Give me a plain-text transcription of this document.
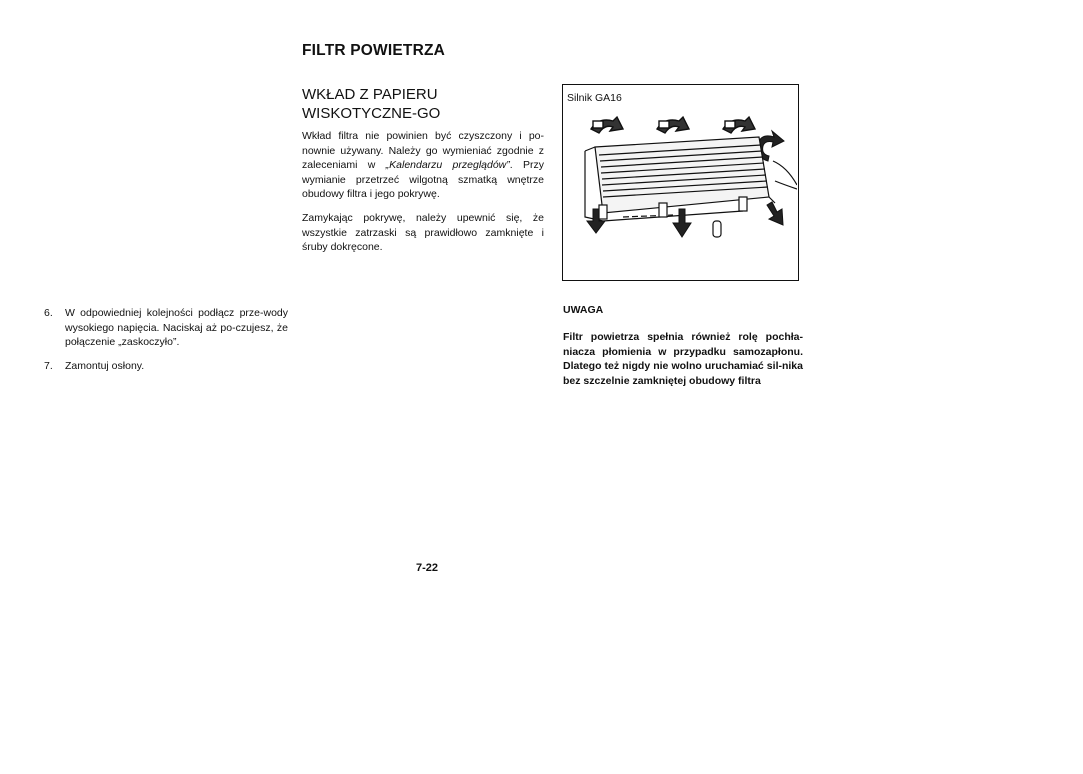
FILTR POWIETRZA
WKŁAD Z PAPIERU WISKOTYCZNE-GO

Wkład filtra nie powinien być czyszczony i po-nownie używany. Należy go wymieniać zgodnie z zaleceniami w „Kalendarzu przeglądów”. Przy wymianie przetrzeć wilgotną szmatką wnętrze obudowy filtra i jego pokrywę.

Zamykając pokrywę, należy upewnić się, że wszystkie zatrzaski są prawidłowo zamknięte i śruby dokręcone.

Silnik GA16

6. W odpowiedniej kolejności podłącz prze-wody wysokiego napięcia. Naciskaj aż po-czujesz, że połączenie „zaskoczyło”.
7. Zamontuj osłony.

UWAGA

Filtr powietrza spełnia również rolę pochła-niacza płomienia w przypadku samozapłonu. Dlatego też nigdy nie wolno uruchamiać sil-nika bez szczelnie zamkniętej obudowy filtra

7-22
